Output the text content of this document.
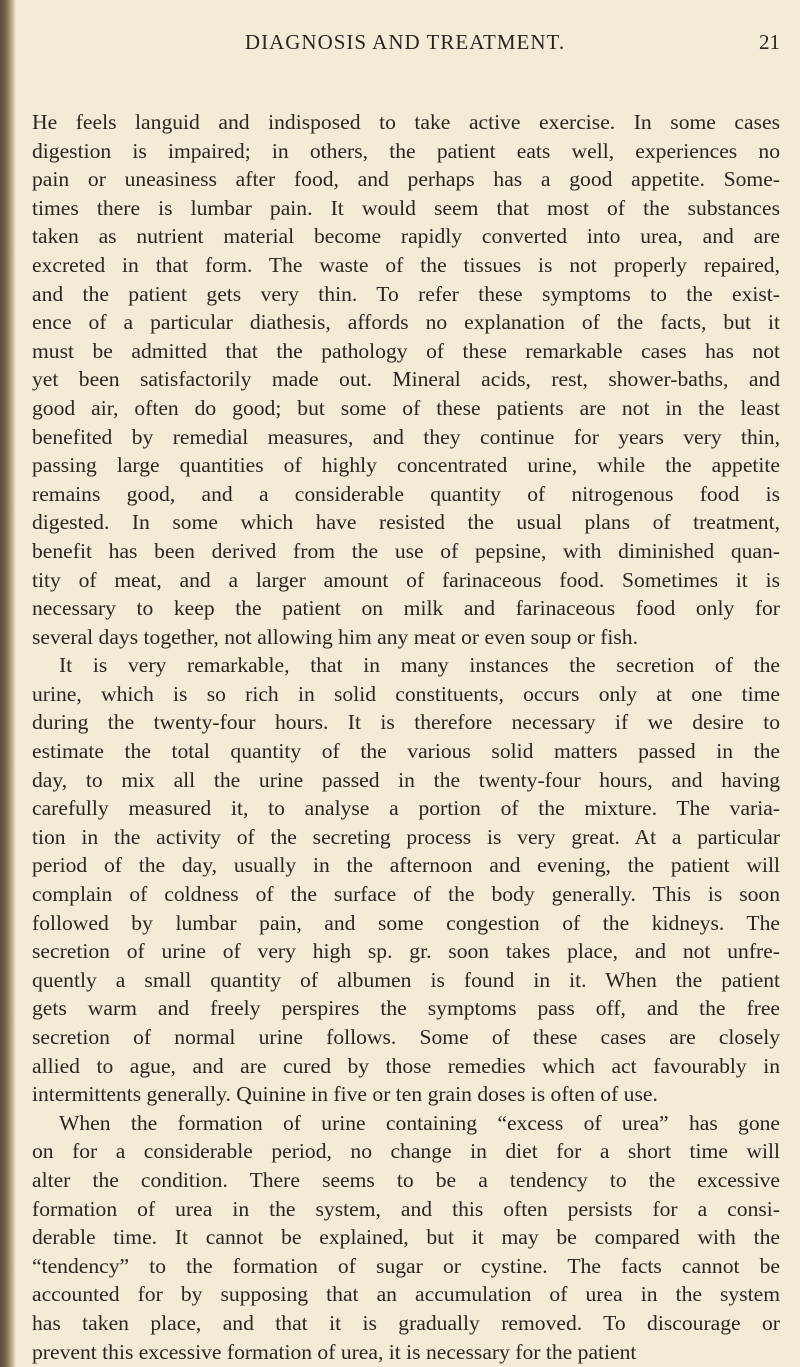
DIAGNOSIS AND TREATMENT.	21
He feels languid and indisposed to take active exercise. In some cases
digestion is impaired; in others, the patient eats well, experiences no
pain or uneasiness after food, and perhaps has a good appetite. Some-
times there is lumbar pain. It would seem that most of the substances
taken as nutrient material become rapidly converted into urea, and are
excreted in that form. The waste of the tissues is not properly repaired,
and the patient gets very thin. To refer these symptoms to the exist-
ence of a particular diathesis, affords no explanation of the facts, but it
must be admitted that the pathology of these remarkable cases has not
yet been satisfactorily made out. Mineral acids, rest, shower-baths, and
good air, often do good; but some of these patients are not in the least
benefited by remedial measures, and they continue for years very thin,
passing large quantities of highly concentrated urine, while the appetite
remains good, and a considerable quantity of nitrogenous food is
digested. In some which have resisted the usual plans of treatment,
benefit has been derived from the use of pepsine, with diminished quan-
tity of meat, and a larger amount of farinaceous food. Sometimes it is
necessary to keep the patient on milk and farinaceous food only for
several days together, not allowing him any meat or even soup or fish.
It is very remarkable, that in many instances the secretion of the
urine, which is so rich in solid constituents, occurs only at one time
during the twenty-four hours. It is therefore necessary if we desire to
estimate the total quantity of the various solid matters passed in the
day, to mix all the urine passed in the twenty-four hours, and having
carefully measured it, to analyse a portion of the mixture. The varia-
tion in the activity of the secreting process is very great. At a particular
period of the day, usually in the afternoon and evening, the patient will
complain of coldness of the surface of the body generally. This is soon
followed by lumbar pain, and some congestion of the kidneys. The
secretion of urine of very high sp. gr. soon takes place, and not unfre-
quently a small quantity of albumen is found in it. When the patient
gets warm and freely perspires the symptoms pass off, and the free
secretion of normal urine follows. Some of these cases are closely
allied to ague, and are cured by those remedies which act favourably in
intermittents generally. Quinine in five or ten grain doses is often of use.
When the formation of urine containing “excess of urea” has gone
on for a considerable period, no change in diet for a short time will
alter the condition. There seems to be a tendency to the excessive
formation of urea in the system, and this often persists for a consi-
derable time. It cannot be explained, but it may be compared with the
“tendency” to the formation of sugar or cystine. The facts cannot be
accounted for by supposing that an accumulation of urea in the system
has taken place, and that it is gradually removed. To discourage or
prevent this excessive formation of urea, it is necessary for the patient
